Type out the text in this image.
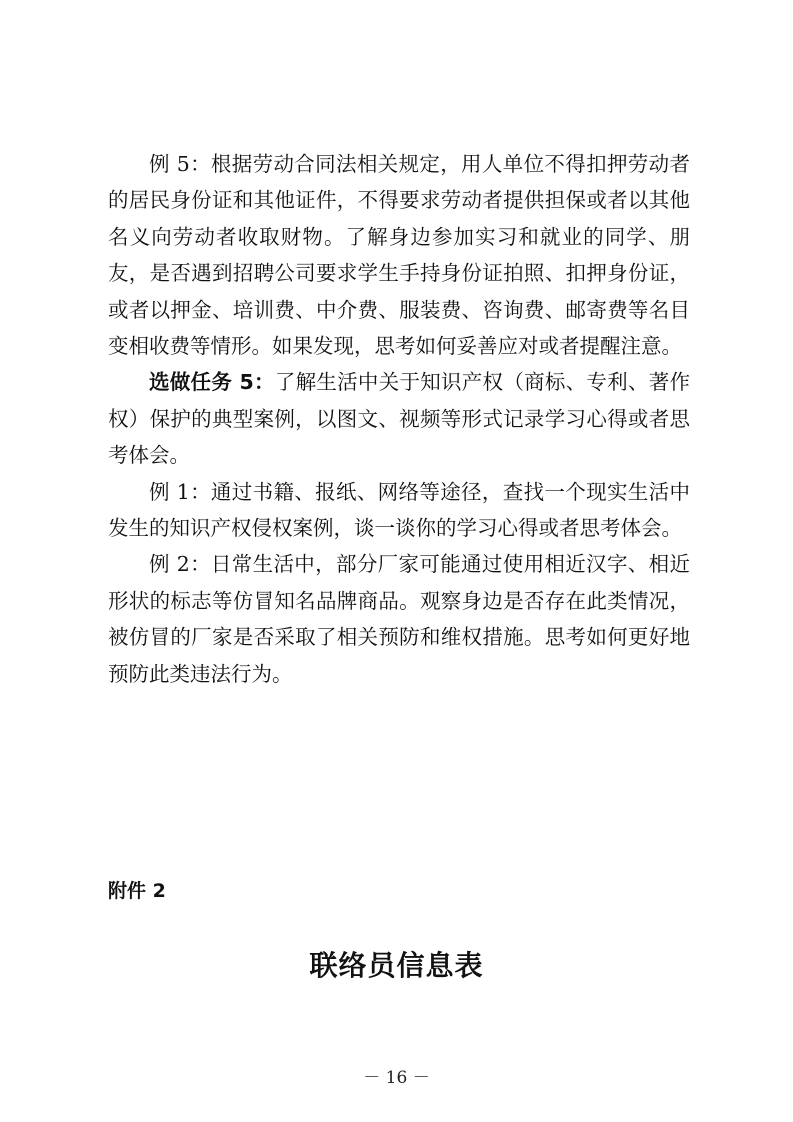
例 5：根据劳动合同法相关规定，用人单位不得扣押劳动者的居民身份证和其他证件，不得要求劳动者提供担保或者以其他名义向劳动者收取财物。了解身边参加实习和就业的同学、朋友，是否遇到招聘公司要求学生手持身份证拍照、扣押身份证，或者以押金、培训费、中介费、服装费、咨询费、邮寄费等名目变相收费等情形。如果发现，思考如何妥善应对或者提醒注意。

选做任务 5：了解生活中关于知识产权（商标、专利、著作权）保护的典型案例，以图文、视频等形式记录学习心得或者思考体会。

例 1：通过书籍、报纸、网络等途径，查找一个现实生活中发生的知识产权侵权案例，谈一谈你的学习心得或者思考体会。

例 2：日常生活中，部分厂家可能通过使用相近汉字、相近形状的标志等仿冒知名品牌商品。观察身边是否存在此类情况，被仿冒的厂家是否采取了相关预防和维权措施。思考如何更好地预防此类违法行为。

附件 2
联络员信息表
－ 16 －
